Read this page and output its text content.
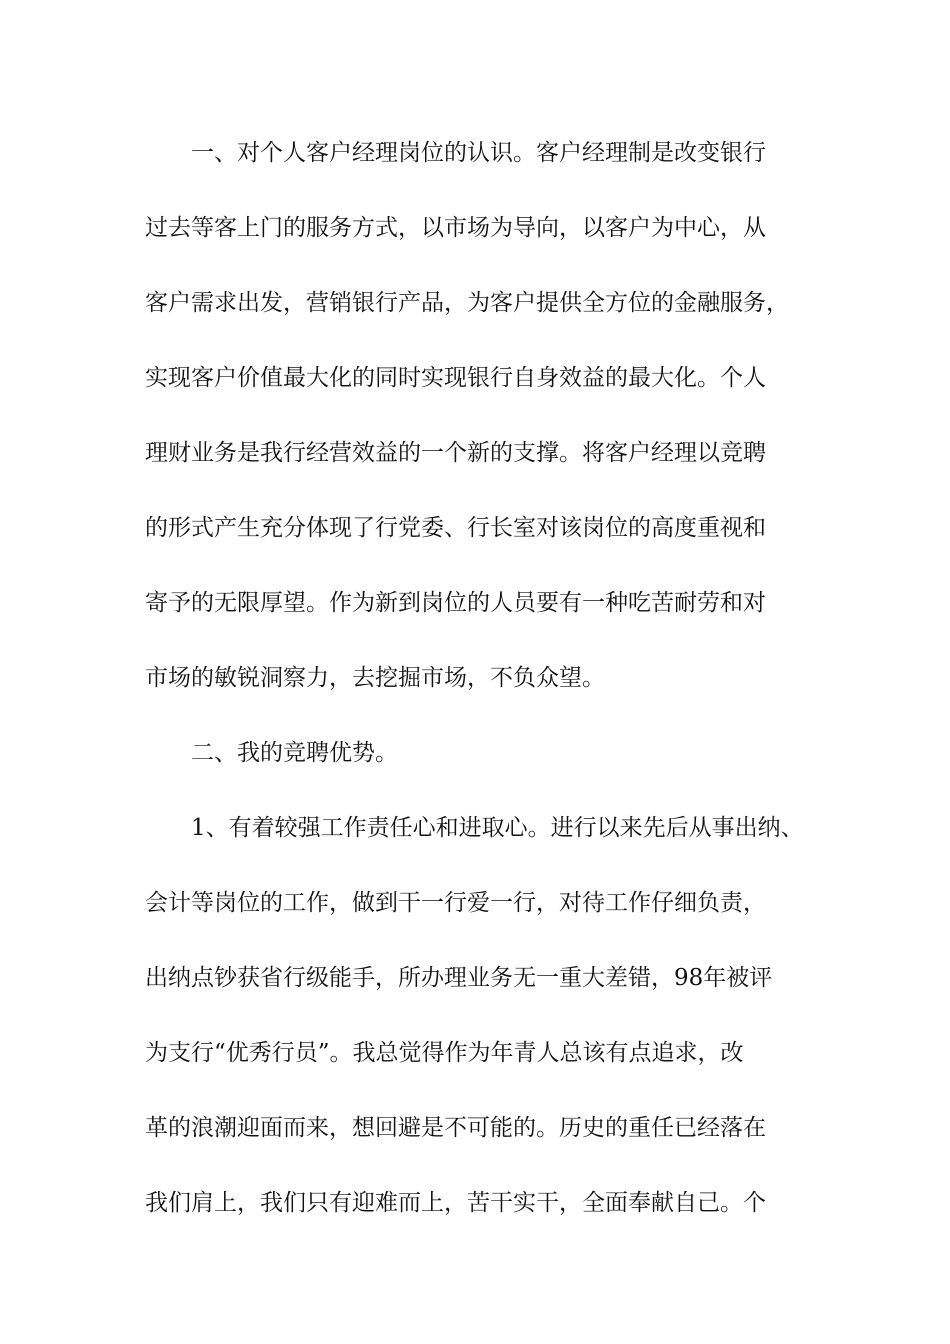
一、对个人客户经理岗位的认识。客户经理制是改变银行
过去等客上门的服务方式，以市场为导向，以客户为中心，从
客户需求出发，营销银行产品，为客户提供全方位的金融服务，
实现客户价值最大化的同时实现银行自身效益的最大化。个人
理财业务是我行经营效益的一个新的支撑。将客户经理以竞聘
的形式产生充分体现了行党委、行长室对该岗位的高度重视和
寄予的无限厚望。作为新到岗位的人员要有一种吃苦耐劳和对
市场的敏锐洞察力，去挖掘市场，不负众望。
二、我的竞聘优势。
1、有着较强工作责任心和进取心。进行以来先后从事出纳、
会计等岗位的工作，做到干一行爱一行，对待工作仔细负责，
出纳点钞获省行级能手，所办理业务无一重大差错，98年被评
为支行“优秀行员”。我总觉得作为年青人总该有点追求，改
革的浪潮迎面而来，想回避是不可能的。历史的重任已经落在
我们肩上，我们只有迎难而上，苦干实干，全面奉献自己。个
